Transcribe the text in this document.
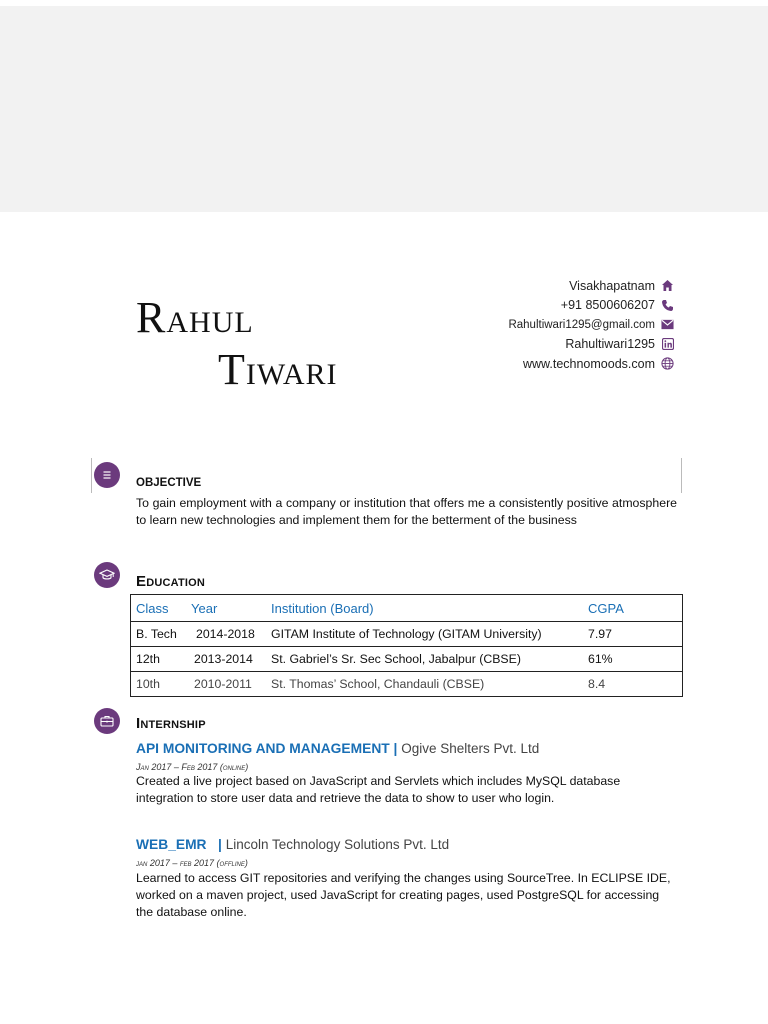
RAHUL
TIWARI
Visakhapatnam
+91 8500606207
Rahultiwari1295@gmail.com
Rahultiwari1295
www.technomoods.com
OBJECTIVE
To gain employment with a company or institution that offers me a consistently positive atmosphere to learn new technologies and implement them for the betterment of the business
Education
Class	Year	Institution (Board)	CGPA
B. Tech	2014-2018	GITAM Institute of Technology (GITAM University)	7.97
12th	2013-2014	St. Gabriel’s Sr. Sec School, Jabalpur (CBSE)	61%
10th	2010-2011	St. Thomas’ School, Chandauli (CBSE)	8.4
Internship
API MONITORING AND MANAGEMENT | Ogive Shelters Pvt. Ltd
Jan 2017 – Feb 2017 (online)
Created a live project based on JavaScript and Servlets which includes MySQL database integration to store user data and retrieve the data to show to user who login.
WEB_EMR   | Lincoln Technology Solutions Pvt. Ltd
jan 2017 – feb 2017 (offline)
Learned to access GIT repositories and verifying the changes using SourceTree. In ECLIPSE IDE, worked on a maven project, used JavaScript for creating pages, used PostgreSQL for accessing the database online.
